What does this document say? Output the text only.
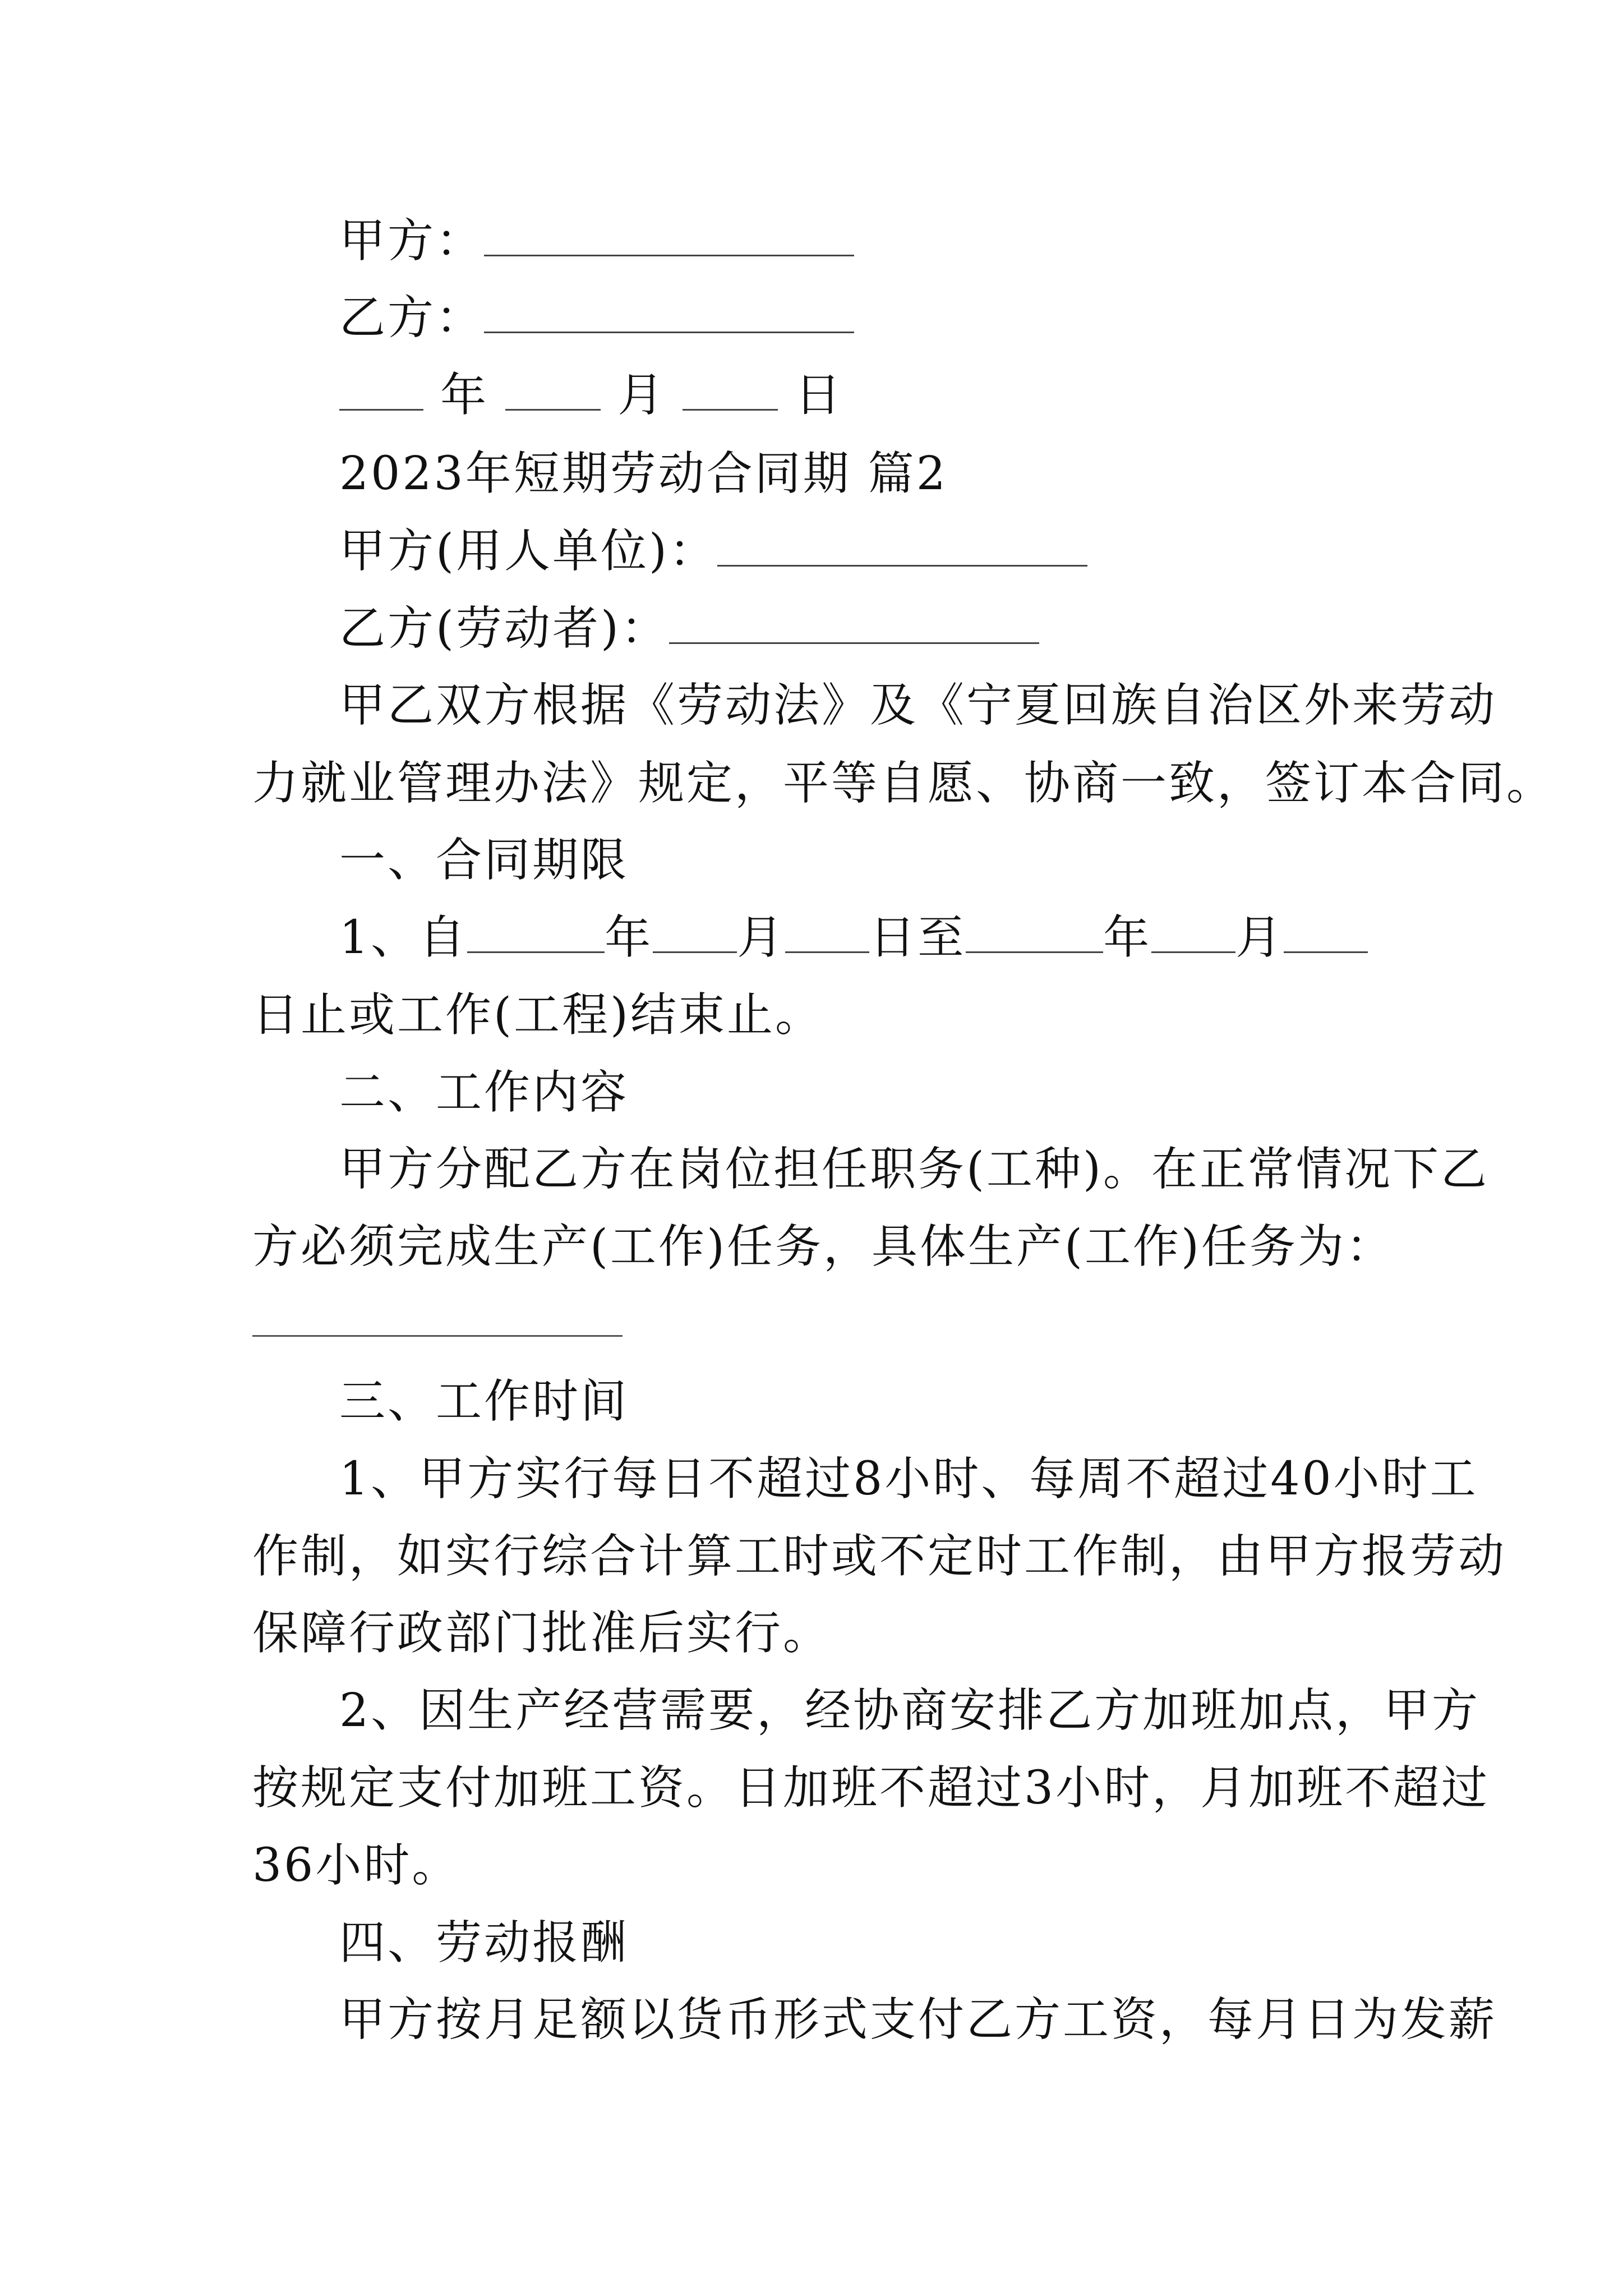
甲方：
乙方：
年	月	日
2023年短期劳动合同期 篇2
甲方(用人单位)：
乙方(劳动者)：
甲乙双方根据《劳动法》及《宁夏回族自治区外来劳动
力就业管理办法》规定，平等自愿、协商一致，签订本合同。
一、合同期限
1、自	年 月 日至	年 月
日止或工作(工程)结束止。
二、工作内容
甲方分配乙方在岗位担任职务(工种)。在正常情况下乙
方必须完成生产(工作)任务，具体生产(工作)任务为：
三、工作时间
1、甲方实行每日不超过8小时、每周不超过40小时工
作制，如实行综合计算工时或不定时工作制，由甲方报劳动
保障行政部门批准后实行。
2、因生产经营需要，经协商安排乙方加班加点，甲方
按规定支付加班工资。日加班不超过3小时，月加班不超过
36小时。
四、劳动报酬
甲方按月足额以货币形式支付乙方工资，每月日为发薪
